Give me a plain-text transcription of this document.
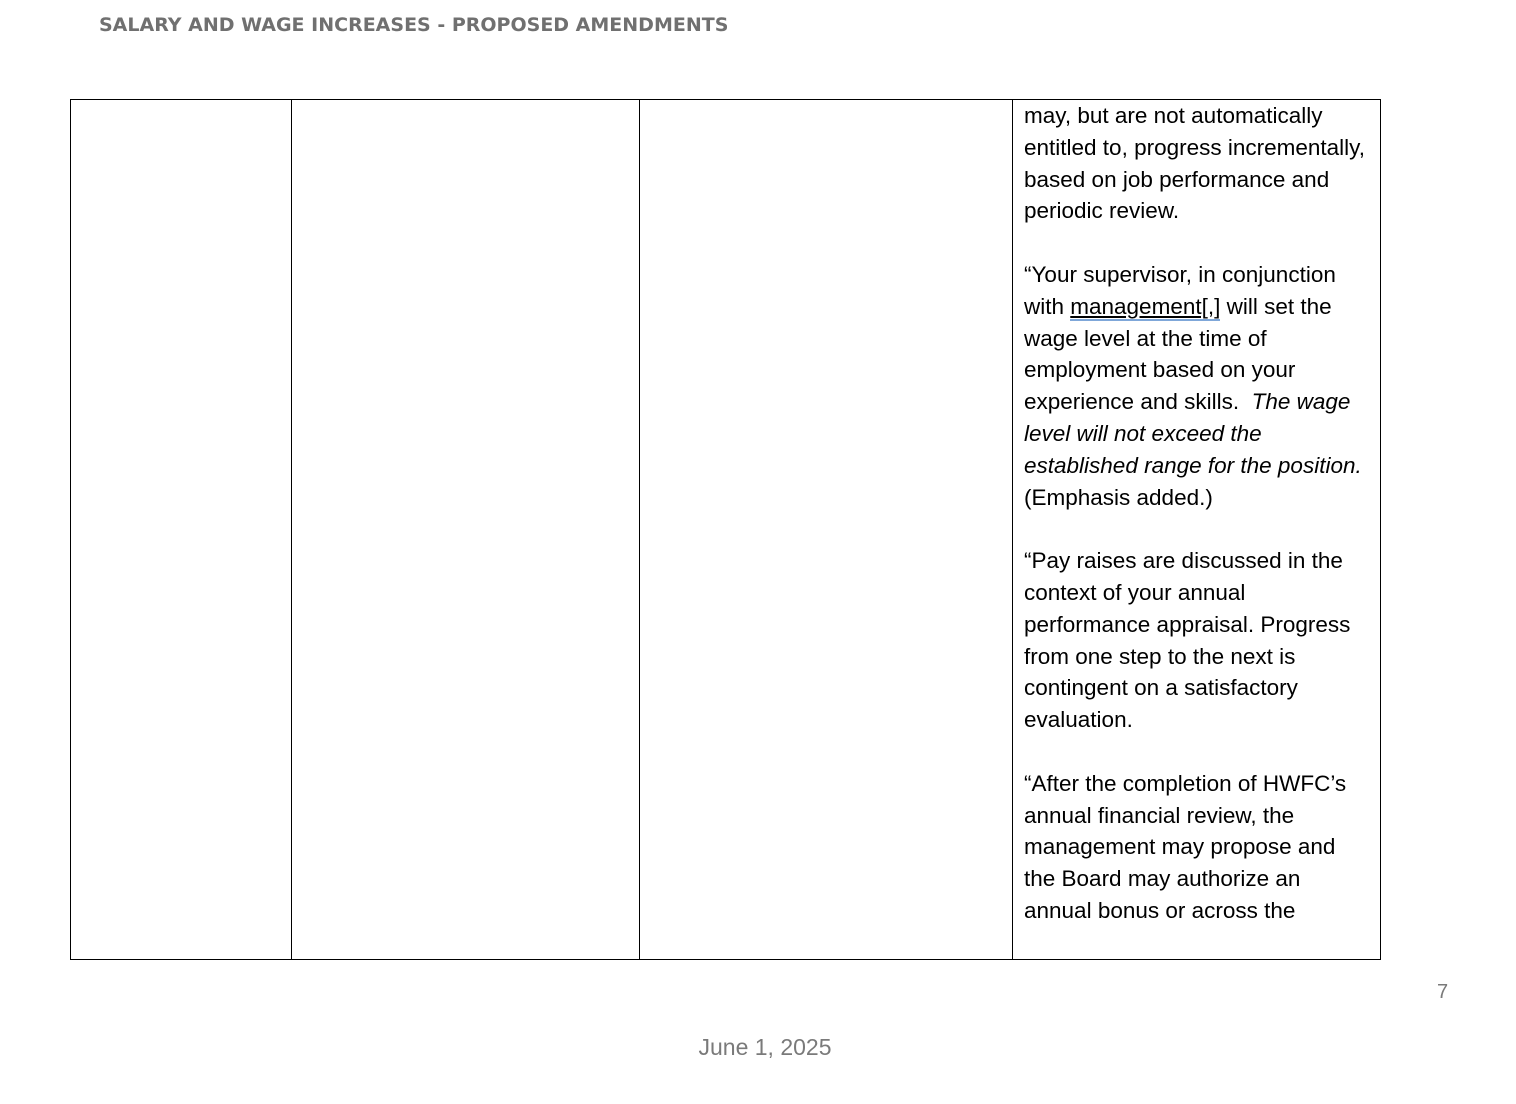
SALARY AND WAGE INCREASES - PROPOSED AMENDMENTS

may, but are not automatically entitled to, progress incrementally, based on job performance and periodic review.

“Your supervisor, in conjunction with management[,] will set the wage level at the time of employment based on your experience and skills.  The wage level will not exceed the established range for the position.  (Emphasis added.)

“Pay raises are discussed in the context of your annual performance appraisal. Progress from one step to the next is contingent on a satisfactory evaluation.

“After the completion of HWFC’s annual financial review, the management may propose and the Board may authorize an annual bonus or across the

7
June 1, 2025
